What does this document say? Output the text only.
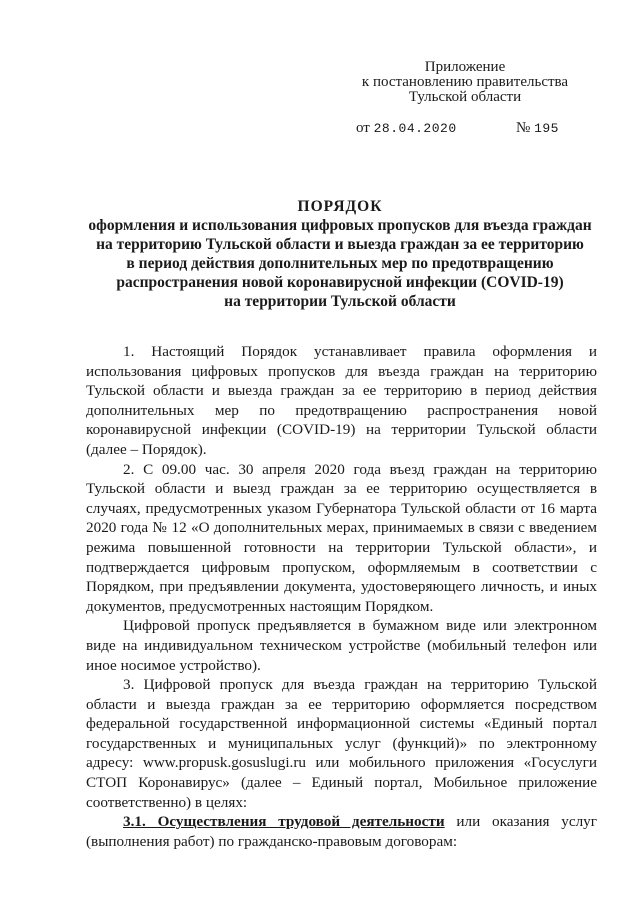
Приложение
к постановлению правительства
Тульской области
от 28.04.2020	№ 195
ПОРЯДОК
оформления и использования цифровых пропусков для въезда граждан
на территорию Тульской области и выезда граждан за ее территорию
в период действия дополнительных мер по предотвращению
распространения новой коронавирусной инфекции (COVID-19)
на территории Тульской области

1. Настоящий Порядок устанавливает правила оформления и использования цифровых пропусков для въезда граждан на территорию Тульской области и выезда граждан за ее территорию в период действия дополнительных мер по предотвращению распространения новой коронавирусной инфекции (COVID-19) на территории Тульской области (далее – Порядок).

2. С 09.00 час. 30 апреля 2020 года въезд граждан на территорию Тульской области и выезд граждан за ее территорию осуществляется в случаях, предусмотренных указом Губернатора Тульской области от 16 марта 2020 года № 12 «О дополнительных мерах, принимаемых в связи с введением режима повышенной готовности на территории Тульской области», и подтверждается цифровым пропуском, оформляемым в соответствии с Порядком, при предъявлении документа, удостоверяющего личность, и иных документов, предусмотренных настоящим Порядком.

Цифровой пропуск предъявляется в бумажном виде или электронном виде на индивидуальном техническом устройстве (мобильный телефон или иное носимое устройство).

3. Цифровой пропуск для въезда граждан на территорию Тульской области и выезда граждан за ее территорию оформляется посредством федеральной государственной информационной системы «Единый портал государственных и муниципальных услуг (функций)» по электронному адресу: www.propusk.gosuslugi.ru или мобильного приложения «Госуслуги СТОП Коронавирус» (далее – Единый портал, Мобильное приложение соответственно) в целях:

3.1. Осуществления трудовой деятельности или оказания услуг (выполнения работ) по гражданско-правовым договорам:
